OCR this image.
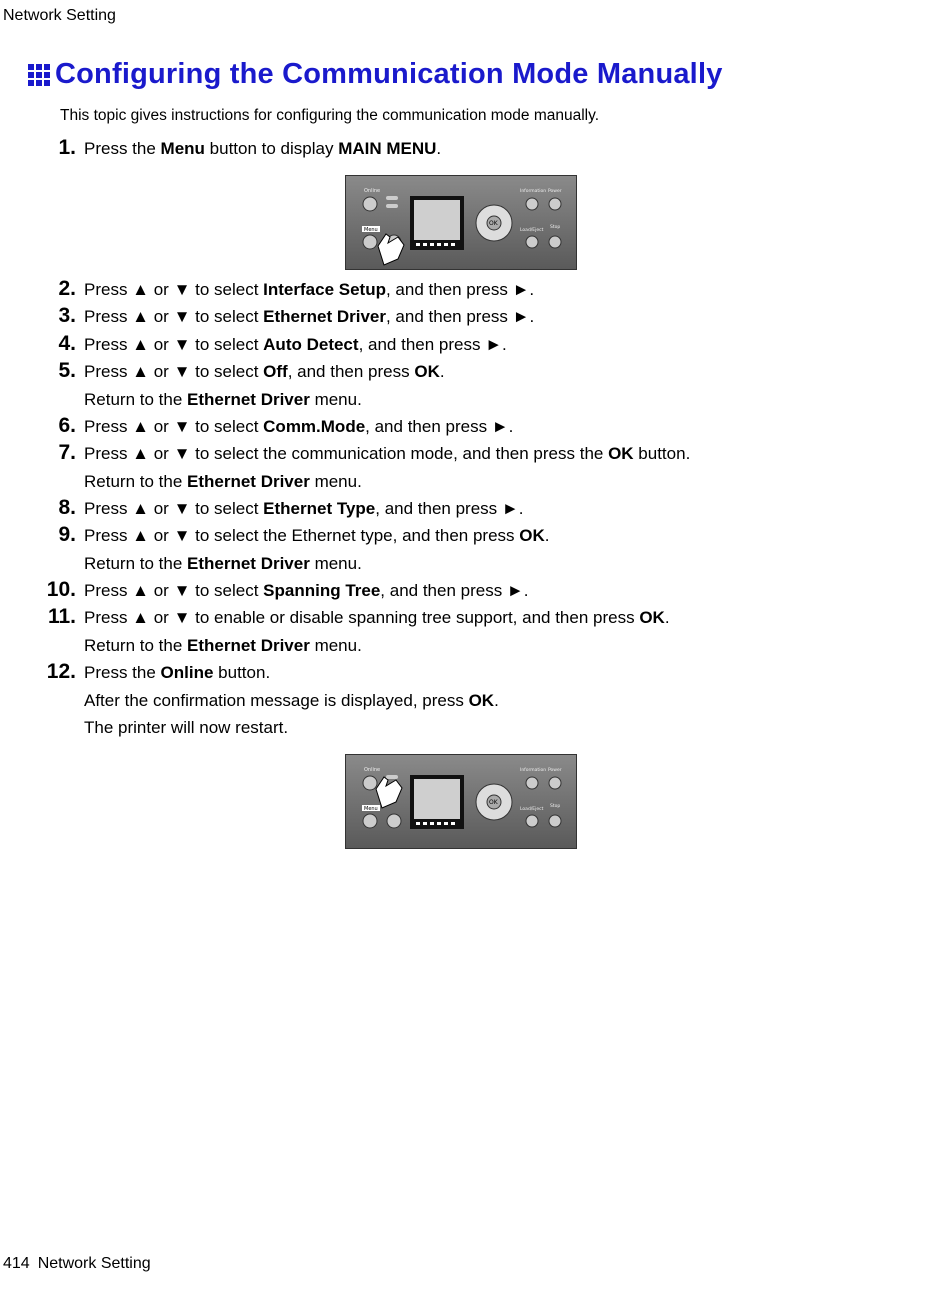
Network Setting
Configuring the Communication Mode Manually
This topic gives instructions for configuring the communication mode manually.
1. Press the Menu button to display MAIN MENU.
Online
Menu
OK
Information Power
Load/Eject
Stop
2. Press ▲ or ▼ to select Interface Setup, and then press ►.
3. Press ▲ or ▼ to select Ethernet Driver, and then press ►.
4. Press ▲ or ▼ to select Auto Detect, and then press ►.
5. Press ▲ or ▼ to select Off, and then press OK.
Return to the Ethernet Driver menu.
6. Press ▲ or ▼ to select Comm.Mode, and then press ►.
7. Press ▲ or ▼ to select the communication mode, and then press the OK button.
Return to the Ethernet Driver menu.
8. Press ▲ or ▼ to select Ethernet Type, and then press ►.
9. Press ▲ or ▼ to select the Ethernet type, and then press OK.
Return to the Ethernet Driver menu.
10. Press ▲ or ▼ to select Spanning Tree, and then press ►.
11. Press ▲ or ▼ to enable or disable spanning tree support, and then press OK.
Return to the Ethernet Driver menu.
12. Press the Online button.
After the confirmation message is displayed, press OK.
The printer will now restart.
Online
Menu
OK
Information Power
Load/Eject
Stop
414 Network Setting
